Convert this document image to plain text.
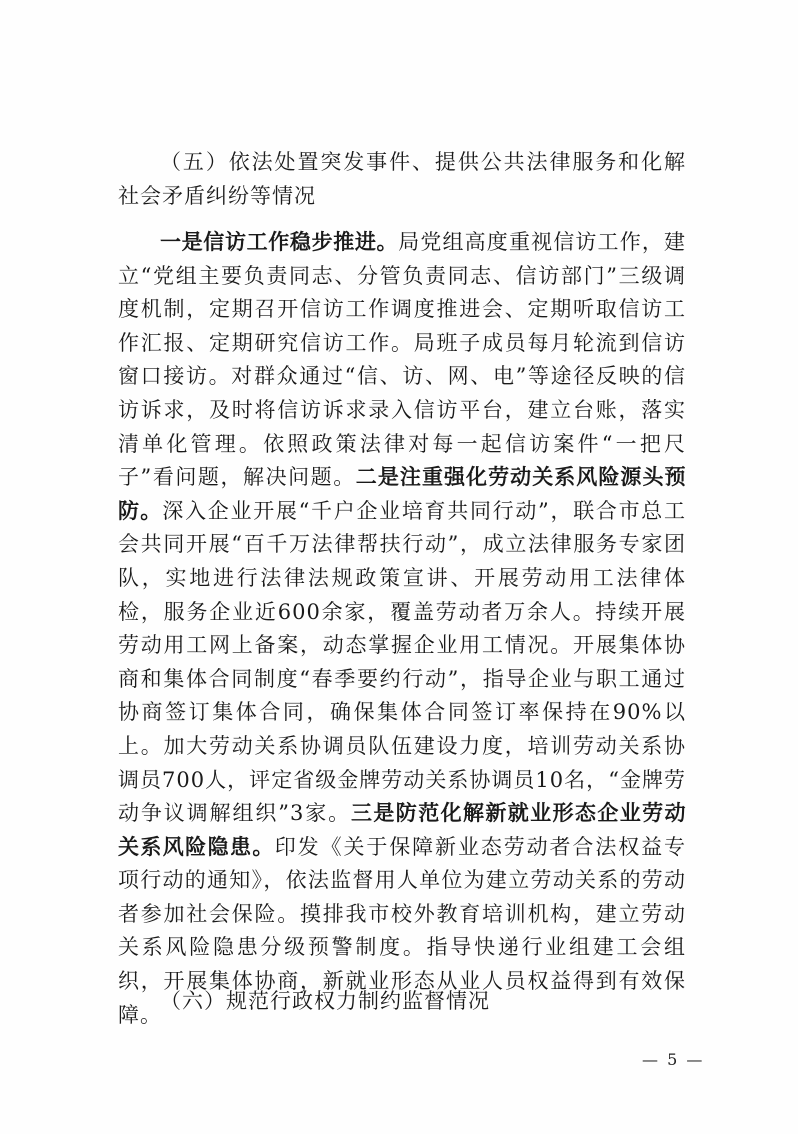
（五）依法处置突发事件、提供公共法律服务和化解社会矛盾纠纷等情况

一是信访工作稳步推进。局党组高度重视信访工作，建立“党组主要负责同志、分管负责同志、信访部门”三级调度机制，定期召开信访工作调度推进会、定期听取信访工作汇报、定期研究信访工作。局班子成员每月轮流到信访窗口接访。对群众通过“信、访、网、电”等途径反映的信访诉求，及时将信访诉求录入信访平台，建立台账，落实清单化管理。依照政策法律对每一起信访案件“一把尺子”看问题，解决问题。二是注重强化劳动关系风险源头预防。深入企业开展“千户企业培育共同行动”，联合市总工会共同开展“百千万法律帮扶行动”，成立法律服务专家团队，实地进行法律法规政策宣讲、开展劳动用工法律体检，服务企业近600余家，覆盖劳动者万余人。持续开展劳动用工网上备案，动态掌握企业用工情况。开展集体协商和集体合同制度“春季要约行动”，指导企业与职工通过协商签订集体合同，确保集体合同签订率保持在90%以上。加大劳动关系协调员队伍建设力度，培训劳动关系协调员700人，评定省级金牌劳动关系协调员10名，“金牌劳动争议调解组织”3家。三是防范化解新就业形态企业劳动关系风险隐患。印发《关于保障新业态劳动者合法权益专项行动的通知》，依法监督用人单位为建立劳动关系的劳动者参加社会保险。摸排我市校外教育培训机构，建立劳动关系风险隐患分级预警制度。指导快递行业组建工会组织，开展集体协商，新就业形态从业人员权益得到有效保障。

（六）规范行政权力制约监督情况

— 5 —
